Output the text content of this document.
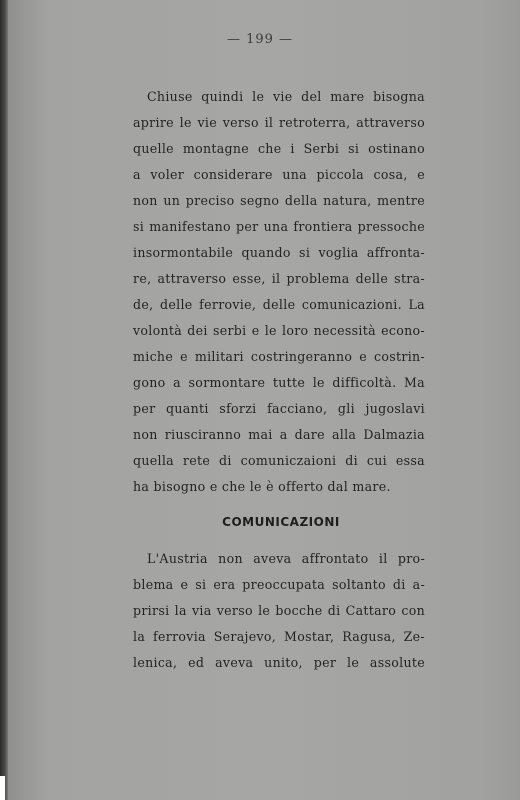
— 199 —
Chiuse quindi le vie del mare bisogna
aprire le vie verso il retroterra, attraverso
quelle montagne che i Serbi si ostinano
a voler considerare una piccola cosa, e
non un preciso segno della natura, mentre
si manifestano per una frontiera pressoche
insormontabile quando si voglia affronta-
re, attraverso esse, il problema delle stra-
de, delle ferrovie, delle comunicazioni. La
volontà dei serbi e le loro necessità econo-
miche e militari costringeranno e costrin-
gono a sormontare tutte le difficoltà. Ma
per quanti sforzi facciano, gli jugoslavi
non riusciranno mai a dare alla Dalmazia
quella rete di comuniczaioni di cui essa
ha bisogno e che le è offerto dal mare.
COMUNICAZIONI
L'Austria non aveva affrontato il pro-
blema e si era preoccupata soltanto di a-
prirsi la via verso le bocche di Cattaro con
la ferrovia Serajevo, Mostar, Ragusa, Ze-
lenica, ed aveva unito, per le assolute
